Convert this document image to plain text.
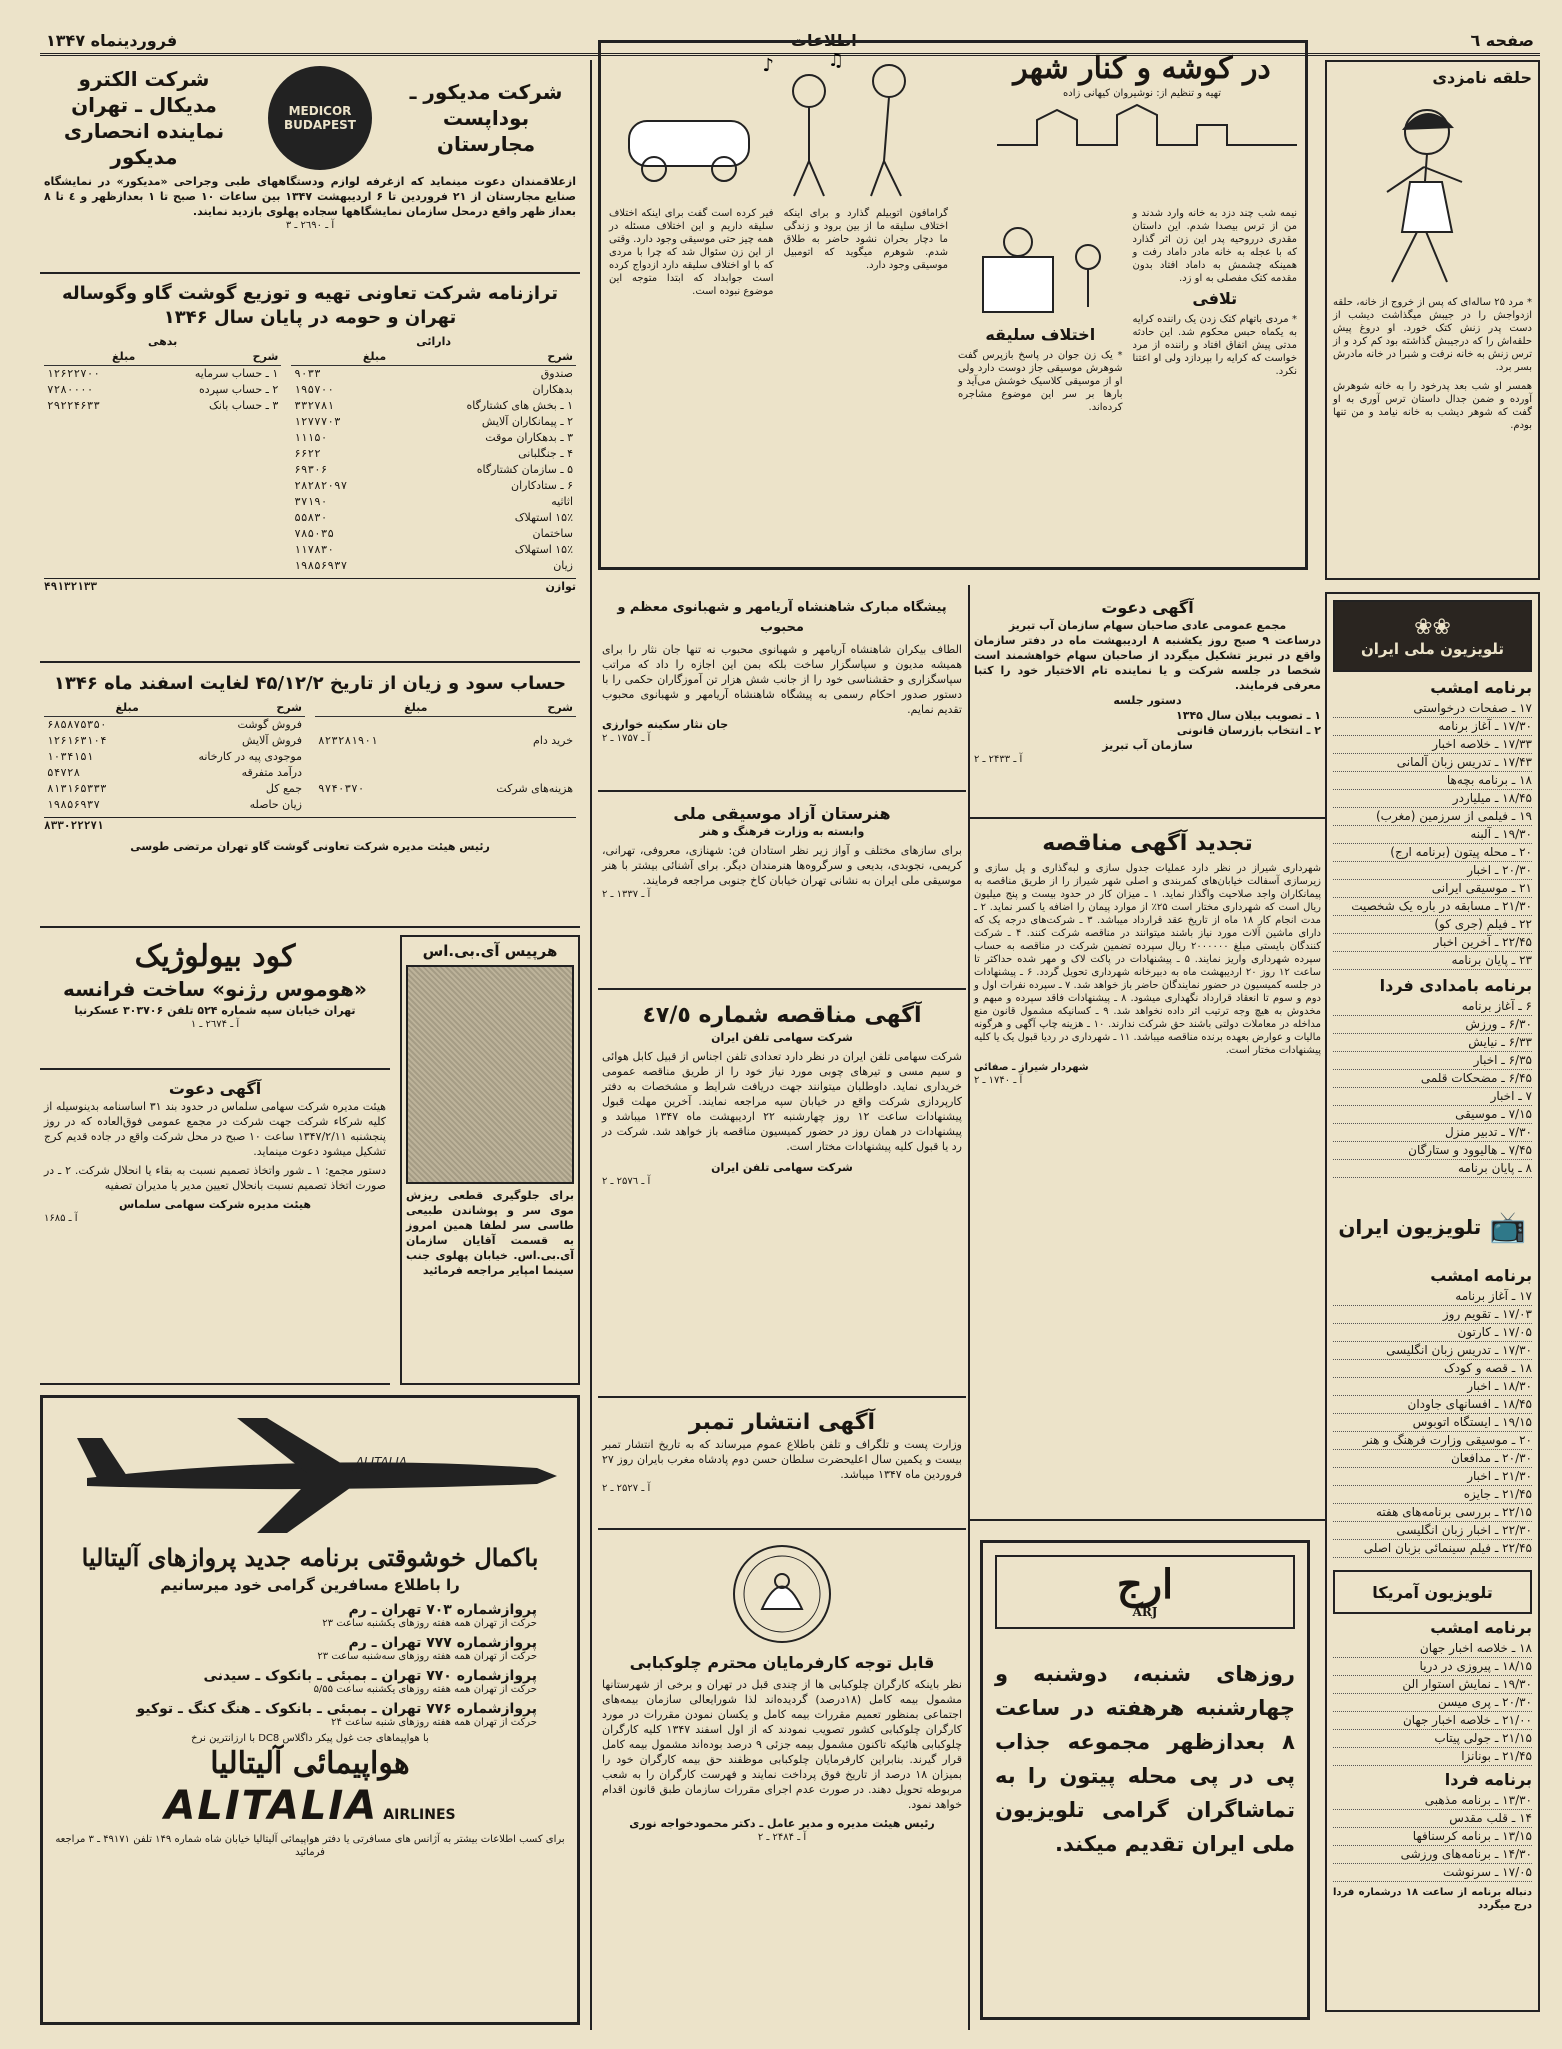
صفحه ٦
اطلاعات
فروردینماه ۱۳۴۷
حلقه نامزدی
* مرد ۲۵ ساله‌ای که پس از خروج از خانه، حلقه ازدواجش را در جیبش میگذاشت دیشب از دست پدر زنش کتک خورد. او دروغ پیش حلقه‌اش را که درجیبش گذاشته بود کم کرد و از ترس زنش به خانه نرفت و شبرا در خانه مادرش بسر برد.
همسر او شب بعد پدرخود را به خانه شوهرش آورده و ضمن جدال داستان ترس آوری به او گفت که شوهر دیشب به خانه نیامد و من تنها بودم.
❀❀
تلویزیون ملی ایران
برنامه امشب
۱۷ ـ صفحات درخواستی
۱۷/۳۰ ـ آغاز برنامه
۱۷/۳۳ ـ خلاصه اخبار
۱۷/۴۳ ـ تدریس زبان آلمانی
۱۸ ـ برنامه بچه‌ها
۱۸/۴۵ ـ میلیاردر
۱۹ ـ فیلمی از سرزمین (مغرب)
۱۹/۳۰ ـ آلبنه
۲۰ ـ محله پیتون (برنامه ارج)
۲۰/۳۰ ـ اخبار
۲۱ ـ موسیقی ایرانی
۲۱/۳۰ ـ مسابقه در باره یک شخصیت
۲۲ ـ فیلم (جری کو)
۲۲/۴۵ ـ آخرین اخبار
۲۳ ـ پایان برنامه
برنامه بامدادی فردا
۶ ـ آغاز برنامه
۶/۳۰ ـ ورزش
۶/۳۳ ـ نیایش
۶/۳۵ ـ اخبار
۶/۴۵ ـ مضحکات قلمی
۷ ـ اخبار
۷/۱۵ ـ موسیقی
۷/۳۰ ـ تدبیر منزل
۷/۴۵ ـ هالیوود و ستارگان
۸ ـ پایان برنامه
📺
تلویزیون ایران
برنامه امشب
۱۷ ـ آغاز برنامه
۱۷/۰۳ ـ تقویم روز
۱۷/۰۵ ـ کارتون
۱۷/۳۰ ـ تدریس زبان انگلیسی
۱۸ ـ قصه و کودک
۱۸/۳۰ ـ اخبار
۱۸/۴۵ ـ افسانهای جاودان
۱۹/۱۵ ـ ایستگاه اتوبوس
۲۰ ـ موسیقی وزارت فرهنگ و هنر
۲۰/۳۰ ـ مدافعان
۲۱/۳۰ ـ اخبار
۲۱/۴۵ ـ جایزه
۲۲/۱۵ ـ بررسی برنامه‌های هفته
۲۲/۳۰ ـ اخبار زبان انگلیسی
۲۲/۴۵ ـ فیلم سینمائی بزبان اصلی
تلویزیون آمریکا
برنامه امشب
۱۸ ـ خلاصه اخبار جهان
۱۸/۱۵ ـ پیروزی در دریا
۱۹/۳۰ ـ نمایش استوار الن
۲۰/۳۰ ـ پری میسن
۲۱/۰۰ ـ خلاصه اخبار جهان
۲۱/۱۵ ـ جولی پیتاب
۲۱/۴۵ ـ بونانزا
برنامه فردا
۱۳/۳۰ ـ برنامه مذهبی
۱۴ ـ قلب مقدس
۱۳/۱۵ ـ برنامه کرسنافها
۱۴/۳۰ ـ برنامه‌های ورزشی
۱۷/۰۵ ـ سرنوشت
دنباله برنامه از ساعت ۱۸ درشماره فردا درج میگردد
در کوشه و کنار شهر
تهیه و تنظیم از: نوشیروان کیهانی زاده
♪	♫
نیمه شب چند دزد به خانه وارد شدند و من از ترس بیصدا شدم. این داستان مقدری درروحیه پدر این زن اثر گذارد که با عجله به خانه مادر داماد رفت و همینکه چشمش به داماد افتاد بدون مقدمه کتک مفصلی به او زد.
تلافی
* مردی باتهام کتک زدن یک راننده کرایه به یکماه حبس محکوم شد. این حادثه مدتی پیش اتفاق افتاد و راننده از مرد خواست که کرایه را بپردازد ولی او اعتنا نکرد.
اختلاف سلیقه
* یک زن جوان در پاسخ بازپرس گفت شوهرش موسیقی جاز دوست دارد ولی او از موسیقی کلاسیک خوشش می‌آید و بارها بر سر این موضوع مشاجره کرده‌اند.
گرامافون اتوبیلم گذارد و برای اینکه اختلاف سلیقه ما از بین برود و زندگی ما دچار بحران نشود حاضر به طلاق شدم. شوهرم میگوید که اتومبیل موسیقی وجود دارد.
فیر کرده است گفت برای اینکه اختلاف سلیقه داریم و این اختلاف مسئله در همه چیز حتی موسیقی وجود دارد. وقتی از این زن سئوال شد که چرا با مردی که با او اختلاف سلیقه دارد ازدواج کرده است جوابداد که ابتدا متوجه این موضوع نبوده است.
آگهی دعوت
مجمع عمومی عادی صاحبان سهام سازمان آب تبریز
درساعت ۹ صبح روز یکشنبه ۸ اردیبهشت ماه در دفتر سازمان واقع در تبریز تشکیل میگردد از صاحبان سهام خواهشمند است شخصا در جلسه شرکت و یا نماینده تام الاختیار خود را کتبا معرفی فرمایند.
دستور جلسه
۱ ـ تصویب بیلان سال ۱۳۴۵
۲ ـ انتخاب بازرسان قانونی
سازمان آب تبریز
آ ـ ۲۴۳۳ ـ ۲
تجدید آگهی مناقصه
شهرداری شیراز در نظر دارد عملیات جدول سازی و لبه‌گذاری و پل سازی و زیرسازی آسفالت خیابان‌های کمربندی و اصلی شهر شیراز را از طریق مناقصه به پیمانکاران واجد صلاحیت واگذار نماید. ۱ ـ میزان کار در حدود بیست و پنج میلیون ریال است که شهرداری مختار است ۲۵٪ از موارد پیمان را اضافه یا کسر نماید. ۲ ـ مدت انجام کار ۱۸ ماه از تاریخ عقد قرارداد میباشد. ۳ ـ شرکت‌های درجه یک که دارای ماشین آلات مورد نیاز باشند میتوانند در مناقصه شرکت کنند. ۴ ـ شرکت کنندگان بایستی مبلغ ۲۰۰۰۰۰۰ ریال سپرده تضمین شرکت در مناقصه به حساب سپرده شهرداری واریز نمایند. ۵ ـ پیشنهادات در پاکت لاک و مهر شده حداکثر تا ساعت ۱۲ روز ۲۰ اردیبهشت ماه به دبیرخانه شهرداری تحویل گردد. ۶ ـ پیشنهادات در جلسه کمیسیون در حضور نمایندگان حاضر باز خواهد شد. ۷ ـ سپرده نفرات اول و دوم و سوم تا انعقاد قرارداد نگهداری میشود. ۸ ـ پیشنهادات فاقد سپرده و مبهم و مخدوش به هیچ وجه ترتیب اثر داده نخواهد شد. ۹ ـ کسانیکه مشمول قانون منع مداخله در معاملات دولتی باشند حق شرکت ندارند. ۱۰ ـ هزینه چاپ آگهی و هرگونه مالیات و عوارض بعهده برنده مناقصه میباشد. ۱۱ ـ شهرداری در ردیا قبول یک یا کلیه پیشنهادات مختار است.
شهردار شیراز ـ صفائی
آ ـ ۱۷۴۰ ـ ۲
ارج
ARJ
روزهای شنبه، دوشنبه و چهارشنبه هرهفته در ساعت ۸ بعدازظهر مجموعه جذاب پی در پی محله پیتون را به تماشاگران گرامی تلویزیون ملی ایران تقدیم میکند.
پیشگاه مبارک شاهنشاه آریامهر و شهبانوی معظم و محبوب
الطاف بیکران شاهنشاه آریامهر و شهبانوی محبوب نه تنها جان نثار را برای همیشه مدیون و سپاسگزار ساخت بلکه بمن این اجازه را داد که مراتب سپاسگزاری و حقشناسی خود را از جانب شش هزار تن آموزگاران حکمی را با دستور صدور احکام رسمی به پیشگاه شاهنشاه آریامهر و شهبانوی محبوب تقدیم نمایم.
جان نثار سکینه خوارزی
آ ـ ۱۷۵۷ ـ ۲
هنرستان آزاد موسیقی ملی
وابسته به وزارت فرهنگ و هنر
برای سازهای مختلف و آواز زیر نظر استادان فن: شهنازی، معروفی، تهرانی، کریمی، نجوبدی، بدیعی و سرگروه‌ها هنرمندان دیگر. برای آشنائی بیشتر با هنر موسیقی ملی ایران به نشانی تهران خیابان کاخ جنوبی مراجعه فرمایند.
آ ـ ۱۳۳۷ ـ ۲
آگهی مناقصه شماره ٤٧/٥
شرکت سهامی تلفن ایران
شرکت سهامی تلفن ایران در نظر دارد تعدادی تلفن اجناس از قبیل کابل هوائی و سیم مسی و تیرهای چوبی مورد نیاز خود را از طریق مناقصه عمومی خریداری نماید. داوطلبان میتوانند جهت دریافت شرایط و مشخصات به دفتر کارپردازی شرکت واقع در خیابان سپه مراجعه نمایند. آخرین مهلت قبول پیشنهادات ساعت ۱۲ روز چهارشنبه ۲۲ اردیبهشت ماه ۱۳۴۷ میباشد و پیشنهادات در همان روز در حضور کمیسیون مناقصه باز خواهد شد. شرکت در رد یا قبول کلیه پیشنهادات مختار است.
شرکت سهامی تلفن ایران
آ ـ ۲۵۷٦ ـ ۲
آگهی انتشار تمبر
وزارت پست و تلگراف و تلفن باطلاع عموم میرساند که به تاریخ انتشار تمبر بیست و یکمین سال اعلیحضرت سلطان حسن دوم پادشاه مغرب بایران روز ۲۷ فروردین ماه ۱۳۴۷ میباشد.
آ ـ ۲۵۲۷ ـ ۲
قابل توجه کارفرمایان محترم چلوکبابی
نظر باینکه کارگران چلوکبابی ها از چندی قبل در تهران و برخی از شهرستانها مشمول بیمه کامل (۱۸درصد) گردیده‌اند لذا شورایعالی سازمان بیمه‌های اجتماعی بمنظور تعمیم مقررات بیمه کامل و یکسان نمودن مقررات در مورد کارگران چلوکبابی کشور تصویب نمودند که از اول اسفند ۱۳۴۷ کلیه کارگران چلوکبابی هائیکه تاکنون مشمول بیمه جزئی ۹ درصد بوده‌اند مشمول بیمه کامل قرار گیرند. بنابراین کارفرمایان چلوکبابی موظفند حق بیمه کارگران خود را بمیزان ۱۸ درصد از تاریخ فوق پرداخت نمایند و فهرست کارگران را به شعب مربوطه تحویل دهند. در صورت عدم اجرای مقررات سازمان طبق قانون اقدام خواهد نمود.
رئیس هیئت مدیره و مدیر عامل ـ دکتر محمودخواجه نوری
آ ـ ۲۴۸۴ ـ ۲
شرکت مدیکور ـ بوداپست مجارستان
MEDICOR BUDAPEST
شرکت الکترو مدیکال ـ تهران نماینده انحصاری مدیکور
ازعلاقمندان دعوت مینماید که ازغرفه لوازم ودستگاههای طبی وجراحی «مدیکور» در نمایشگاه صنایع مجارستان از ۲۱ فروردین تا ۶ اردیبهشت ۱۳۴۷ بین ساعات ۱۰ صبح تا ۱ بعدازظهر و ٤ تا ۸ بعداز ظهر واقع درمحل سازمان نمایشگاهها سجاده پهلوی بازدید نمایند.
آ ـ ۲٦۹۰ ـ ۳
ترازنامه شرکت تعاونی تهیه و توزیع گوشت گاو وگوساله تهران و حومه در پایان سال ۱۳۴۶
دارائی
شرح	مبلغ
صندوق	۹۰۳۳
بدهکاران	۱۹۵۷۰۰
۱ ـ بخش های کشتارگاه	۳۳۲۷۸۱
۲ ـ پیمانکاران آلایش	۱۲۷۷۷۰۳
۳ ـ بدهکاران موقت	۱۱۱۵۰
۴ ـ جنگلبانی	۶۶۲۲
۵ ـ سازمان کشتارگاه	۶۹۳۰۶
۶ ـ ستادکاران	۲۸۲۸۲۰۹۷
اثاثیه	۳۷۱۹۰
۱۵٪ استهلاک	۵۵۸۳۰
ساختمان	۷۸۵۰۳۵
۱۵٪ استهلاک	۱۱۷۸۳۰
زیان	۱۹۸۵۶۹۳۷
بدهی
شرح	مبلغ
۱ ـ حساب سرمایه	۱۲۶۲۲۷۰۰
۲ ـ حساب سپرده	۷۲۸۰۰۰۰
۳ ـ حساب بانک	۲۹۲۲۴۶۳۳
توازن
۴۹۱۳۲۱۳۳
حساب سود و زیان از تاریخ ۴۵/۱۲/۲ لغایت اسفند ماه ۱۳۴۶
شرح	مبلغ
خرید دام	۸۲۳۲۸۱۹۰۱
هزینه‌های شرکت	۹۷۴۰۳۷۰
شرح	مبلغ
فروش گوشت	۶۸۵۸۷۵۳۵۰
فروش آلایش	۱۲۶۱۶۳۱۰۴
موجودی پیه در کارخانه	۱۰۳۴۱۵۱
درآمد متفرقه	۵۴۷۲۸
جمع کل	۸۱۳۱۶۵۳۳۳
زیان حاصله	۱۹۸۵۶۹۳۷
۸۳۳۰۲۲۲۷۱
رئیس هیئت مدیره شرکت تعاونی گوشت گاو تهران مرتضی طوسی
کود بیولوژیک
«هوموس رژنو» ساخت فرانسه
تهران خیابان سپه شماره ۵۲۴ تلفن ۳۰۳۷۰۶ عسکرنیا
آ ـ ۲٦۷۴ ـ ۱
آگهی دعوت
هیئت مدیره شرکت سهامی سلماس در حدود بند ۳۱ اساسنامه بدینوسیله از کلیه شرکاء شرکت جهت شرکت در مجمع عمومی فوق‌العاده که در روز پنجشنبه ۱۳۴۷/۲/۱۱ ساعت ۱۰ صبح در محل شرکت واقع در جاده قدیم کرج تشکیل میشود دعوت مینماید.
دستور مجمع: ۱ ـ شور واتخاذ تصمیم نسبت به بقاء یا انحلال شرکت. ۲ ـ در صورت اتخاذ تصمیم نسبت بانحلال تعیین مدیر یا مدیران تصفیه
هیئت مدیره شرکت سهامی سلماس
آ ـ ۱۶۸۵
هرپیس آی.بی.اس
برای جلوگیری قطعی ریزش موی سر و پوشاندن طبیعی طاسی سر لطفا همین امروز به قسمت آقایان سازمان آی.بی.اس. خیابان پهلوی جنب سینما امپایر مراجعه فرمائید
ALITALIA
باکمال خوشوقتی برنامه جدید پروازهای آلیتالیا
را باطلاع مسافرین گرامی خود میرسانیم
پروازشماره ۷۰۳ تهران ـ رم
حرکت از تهران همه هفته روزهای یکشنبه ساعت ۲۳
پروازشماره ۷۷۷ تهران ـ رم
حرکت از تهران همه هفته روزهای سه‌شنبه ساعت ۲۳
پروازشماره ۷۷۰ تهران ـ بمبئی ـ بانکوک ـ سیدنی
حرکت از تهران همه هفته روزهای یکشنبه ساعت ۵/۵۵
پروازشماره ۷۷۶ تهران ـ بمبئی ـ بانکوک ـ هنگ کنگ ـ توکیو
حرکت از تهران همه هفته روزهای شنبه ساعت ۲۴
با هواپیماهای جت غول پیکر داگلاس DC8 با ارزانترین نرخ
هواپیمائی آلیتالیا
ALITALIA AIRLINES
برای کسب اطلاعات بیشتر به آژانس های مسافرتی یا دفتر هواپیمائی آلیتالیا خیابان شاه شماره ۱۴۹ تلفن ۴۹۱۷۱ ـ ۳ مراجعه فرمائید
